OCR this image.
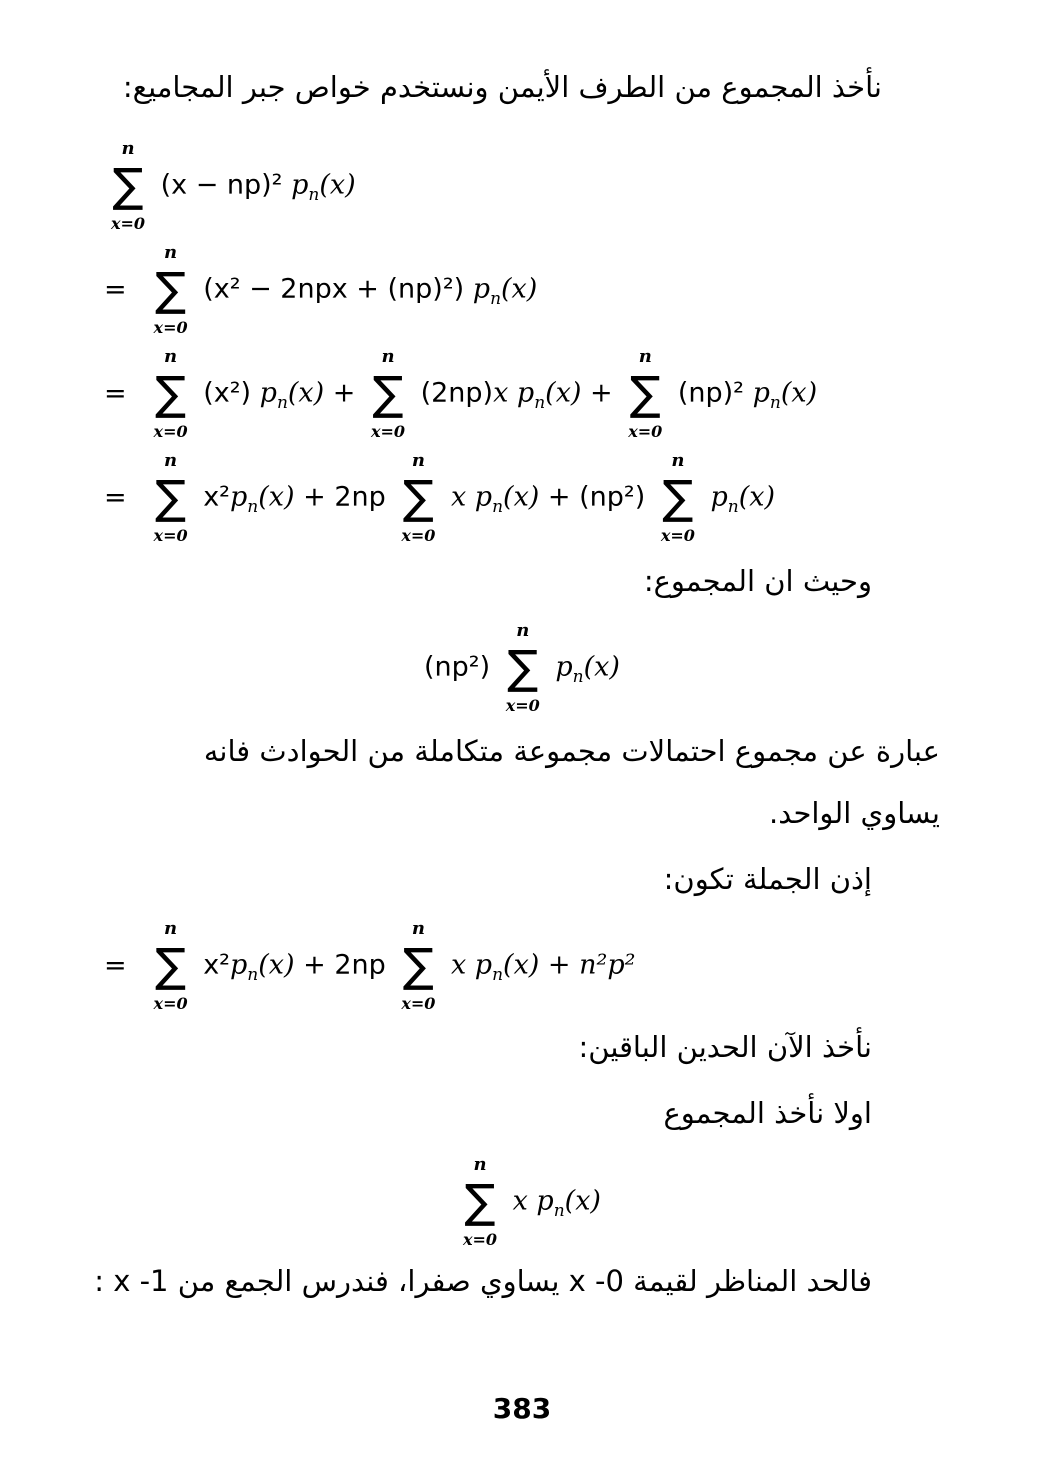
نأخذ المجموع من الطرف الأيمن ونستخدم خواص جبر المجاميع:
n
∑
x=0
(x − np)² $p_n(x)$
=
n
∑
x=0
(x² − 2npx + (np)²) $p_n(x)$
=
n
∑
x=0
(x²) $p_n(x)$ +
n
∑
x=0
(2np)x $p_n(x)$ +
n
∑
x=0
(np)² $p_n(x)$
=
n
∑
x=0
$x^2p_n(x) + 2np$
n
∑
x=0
x $p_n(x) + (np^2)$
n
∑
x=0
$p_n(x)$
وحيث ان المجموع:
(np²)
n
∑
x=0
$p_n(x)$
عبارة عن مجموع احتمالات مجموعة متكاملة من الحوادث فانه
يساوي الواحد.
إذن الجملة تكون:
=
n
∑
x=0
$x^2p_n(x) + 2np$
n
∑
x=0
x $p_n(x) + n^2p^2$
نأخذ الآن الحدين الباقين:
اولا نأخذ المجموع
n
∑
x=0
x $p_n(x)$
فالحد المناظر لقيمة x -0 يساوي صفرا، فندرس الجمع من x -1 :
383
